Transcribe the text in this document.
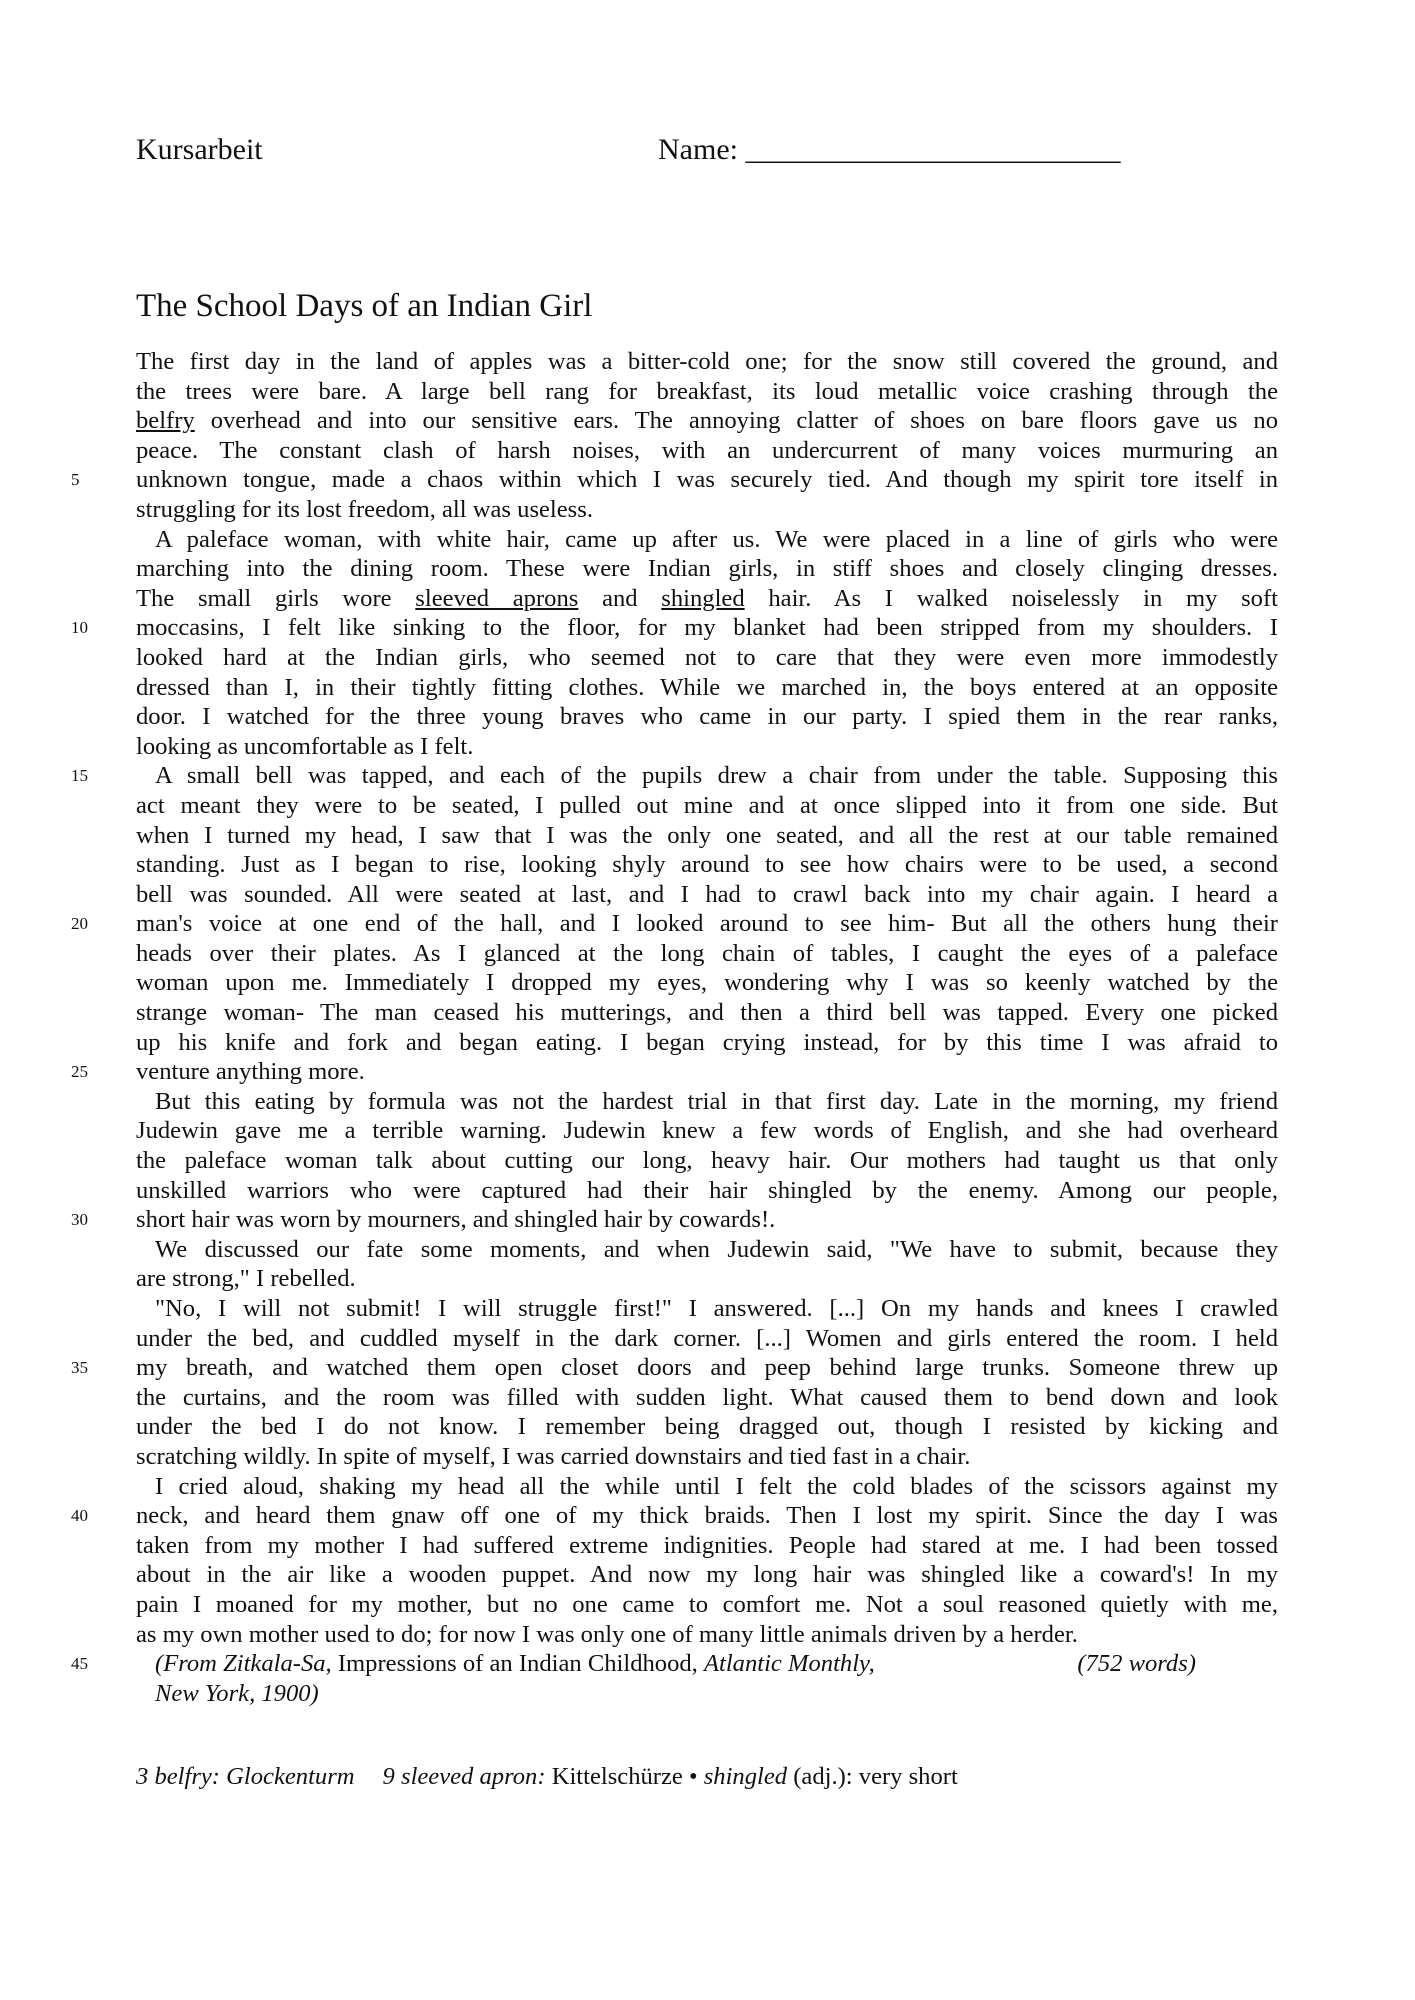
Kursarbeit	Name: _________________________
The School Days of an Indian Girl
The first day in the land of apples was a bitter-cold one; for the snow still covered the ground, and
the trees were bare. A large bell rang for breakfast, its loud metallic voice crashing through the
belfry overhead and into our sensitive ears. The annoying clatter of shoes on bare floors gave us no
peace. The constant clash of harsh noises, with an undercurrent of many voices murmuring an
5	unknown tongue, made a chaos within which I was securely tied. And though my spirit tore itself in
struggling for its lost freedom, all was useless.
A paleface woman, with white hair, came up after us. We were placed in a line of girls who were
marching into the dining room. These were Indian girls, in stiff shoes and closely clinging dresses.
The small girls wore sleeved aprons and shingled hair. As I walked noiselessly in my soft
10	moccasins, I felt like sinking to the floor, for my blanket had been stripped from my shoulders. I
looked hard at the Indian girls, who seemed not to care that they were even more immodestly
dressed than I, in their tightly fitting clothes. While we marched in, the boys entered at an opposite
door. I watched for the three young braves who came in our party. I spied them in the rear ranks,
looking as uncomfortable as I felt.
15	A small bell was tapped, and each of the pupils drew a chair from under the table. Supposing this
act meant they were to be seated, I pulled out mine and at once slipped into it from one side. But
when I turned my head, I saw that I was the only one seated, and all the rest at our table remained
standing. Just as I began to rise, looking shyly around to see how chairs were to be used, a second
bell was sounded. All were seated at last, and I had to crawl back into my chair again. I heard a
20	man's voice at one end of the hall, and I looked around to see him- But all the others hung their
heads over their plates. As I glanced at the long chain of tables, I caught the eyes of a paleface
woman upon me. Immediately I dropped my eyes, wondering why I was so keenly watched by the
strange woman- The man ceased his mutterings, and then a third bell was tapped. Every one picked
up his knife and fork and began eating. I began crying instead, for by this time I was afraid to
25	venture anything more.
But this eating by formula was not the hardest trial in that first day. Late in the morning, my friend
Judewin gave me a terrible warning. Judewin knew a few words of English, and she had overheard
the paleface woman talk about cutting our long, heavy hair. Our mothers had taught us that only
unskilled warriors who were captured had their hair shingled by the enemy. Among our people,
30	short hair was worn by mourners, and shingled hair by cowards!.
We discussed our fate some moments, and when Judewin said, "We have to submit, because they
are strong," I rebelled.
"No, I will not submit! I will struggle first!" I answered. [...] On my hands and knees I crawled
under the bed, and cuddled myself in the dark corner. [...] Women and girls entered the room. I held
35	my breath, and watched them open closet doors and peep behind large trunks. Someone threw up
the curtains, and the room was filled with sudden light. What caused them to bend down and look
under the bed I do not know. I remember being dragged out, though I resisted by kicking and
scratching wildly. In spite of myself, I was carried downstairs and tied fast in a chair.
I cried aloud, shaking my head all the while until I felt the cold blades of the scissors against my
40	neck, and heard them gnaw off one of my thick braids. Then I lost my spirit. Since the day I was
taken from my mother I had suffered extreme indignities. People had stared at me. I had been tossed
about in the air like a wooden puppet. And now my long hair was shingled like a coward's! In my
pain I moaned for my mother, but no one came to comfort me. Not a soul reasoned quietly with me,
as my own mother used to do; for now I was only one of many little animals driven by a herder.
45	(From Zitkala-Sa, Impressions of an Indian Childhood, Atlantic Monthly,	(752 words)
New York, 1900)
3 belfry: Glockenturm 9 sleeved apron: Kittelschürze • shingled (adj.): very short
